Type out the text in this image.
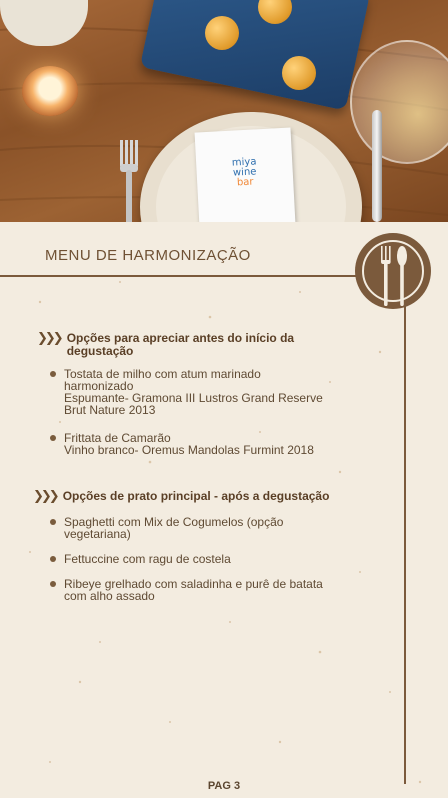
miya
wine
bar
MENU DE HARMONIZAÇÃO
❯❯❯ Opções para apreciar antes do início da degustação
Tostata de milho com atum marinado
harmonizado
Espumante- Gramona III Lustros Grand Reserve
Brut Nature 2013
Frittata de Camarão
Vinho branco- Oremus Mandolas Furmint 2018
❯❯❯ Opções de prato principal - após a degustação
Spaghetti com Mix de Cogumelos (opção
vegetariana)
Fettuccine com ragu de costela
Ribeye grelhado com saladinha e purê de batata
com alho assado
PAG 3
